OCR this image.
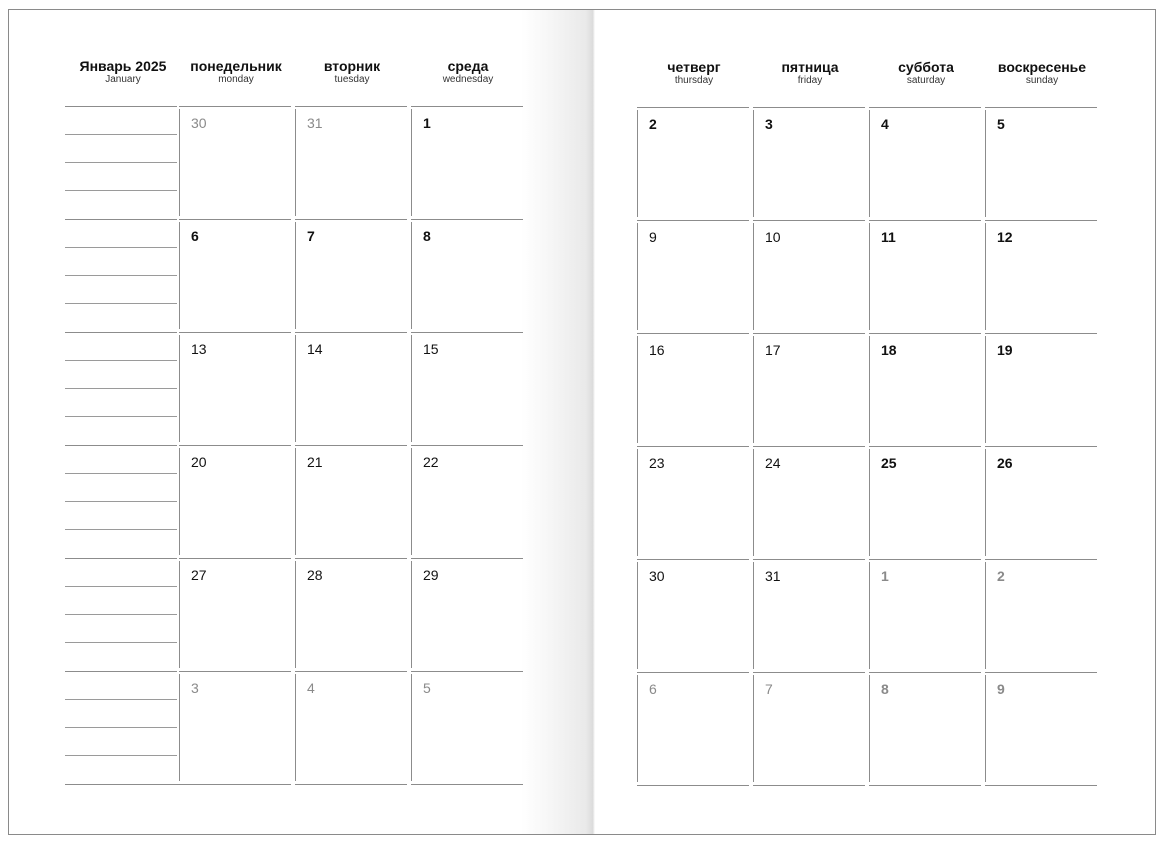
Январь 2025
January
30	31	1
6	7	8
13	14	15
20	21	22
27	28	29
3	4	5
понедельник
monday
вторник
tuesday
среда
wednesday
2	3	4	5
9	10	11	12
16	17	18	19
23	24	25	26
30	31	1	2
6	7	8	9
четверг
thursday
пятница
friday
суббота
saturday
воскресенье
sunday
